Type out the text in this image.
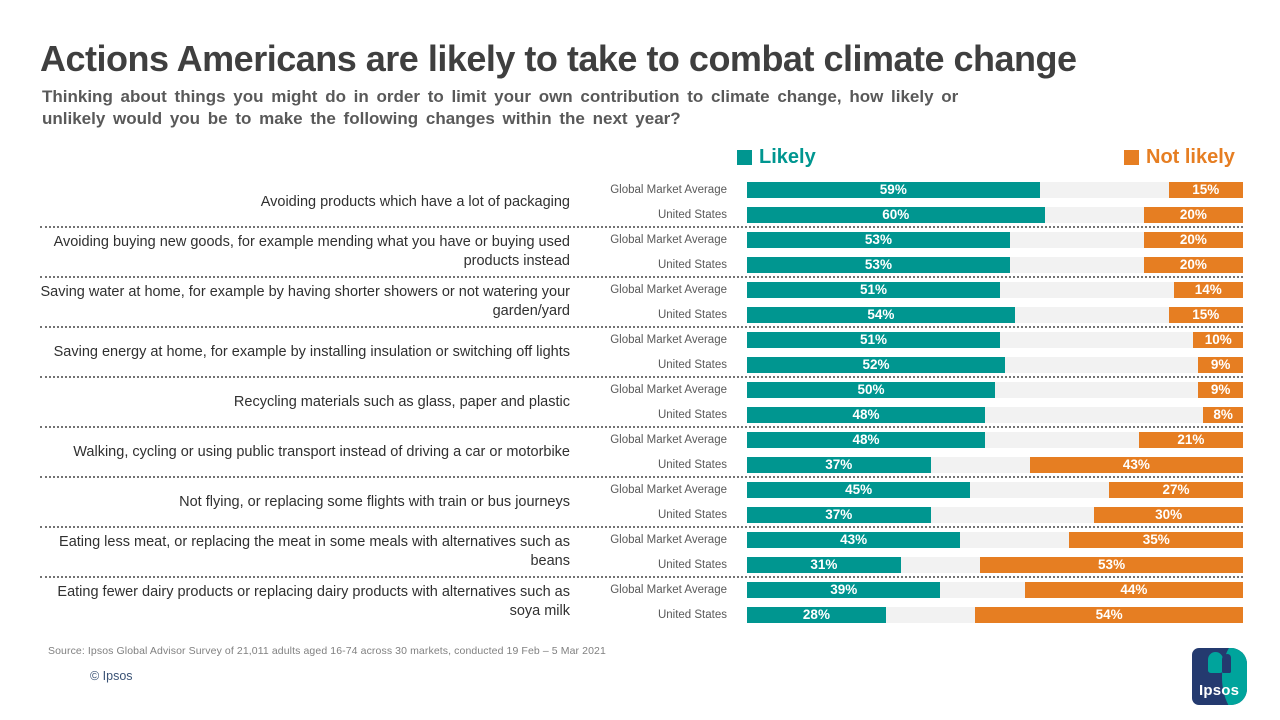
Actions Americans are likely to take to combat climate change
Thinking about things you might do in order to limit your own contribution to climate change, how likely or
unlikely would you be to make the following changes within the next year?
Likely	Not likely
Avoiding products which have a lot of packaging
Global Market Average	59%	15%
United States	60%	20%
Avoiding buying new goods, for example mending what you have or buying used products instead
Global Market Average	53%	20%
United States	53%	20%
Saving water at home, for example by having shorter showers or not watering your garden/yard
Global Market Average	51%	14%
United States	54%	15%
Saving energy at home, for example by installing insulation or switching off lights
Global Market Average	51%	10%
United States	52%	9%
Recycling materials such as glass, paper and plastic
Global Market Average	50%	9%
United States	48%	8%
Walking, cycling or using public transport instead of driving a car or motorbike
Global Market Average	48%	21%
United States	37%	43%
Not flying, or replacing some flights with train or bus journeys
Global Market Average	45%	27%
United States	37%	30%
Eating less meat, or replacing the meat in some meals with alternatives such as beans
Global Market Average	43%	35%
United States	31%	53%
Eating fewer dairy products or replacing dairy products with alternatives such as soya milk
Global Market Average	39%	44%
United States	28%	54%
Source: Ipsos Global Advisor Survey of 21,011 adults aged 16-74 across 30 markets, conducted 19 Feb – 5 Mar 2021
© Ipsos
Ipsos
